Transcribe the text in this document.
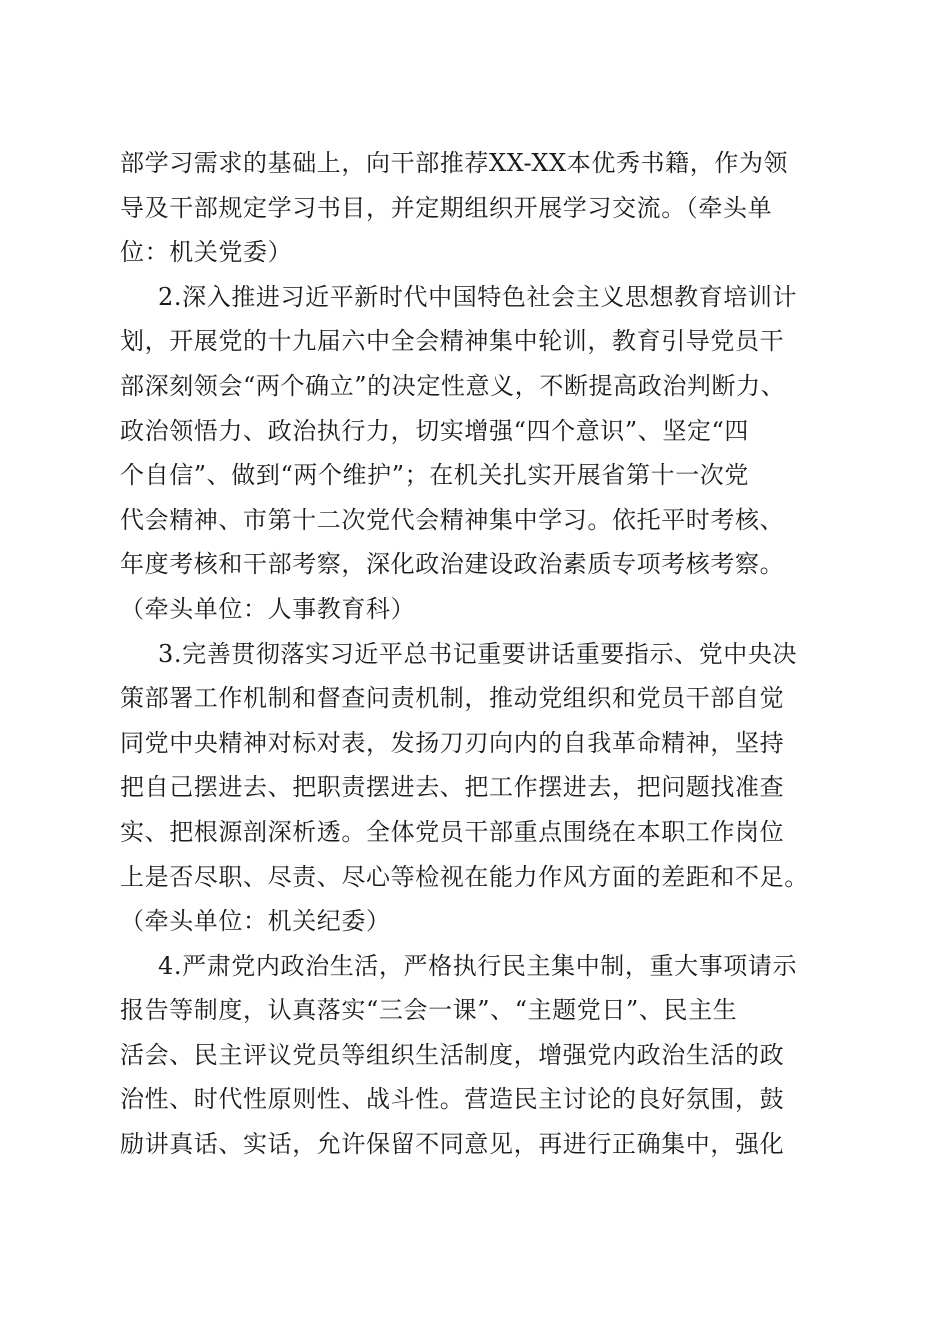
部学习需求的基础上，向干部推荐XX-XX本优秀书籍，作为领
导及干部规定学习书目，并定期组织开展学习交流。（牵头单
位：机关党委）
2.深入推进习近平新时代中国特色社会主义思想教育培训计
划，开展党的十九届六中全会精神集中轮训，教育引导党员干
部深刻领会“两个确立”的决定性意义，不断提高政治判断力、
政治领悟力、政治执行力，切实增强“四个意识”、坚定“四
个自信”、做到“两个维护”；在机关扎实开展省第十一次党
代会精神、市第十二次党代会精神集中学习。依托平时考核、
年度考核和干部考察，深化政治建设政治素质专项考核考察。
（牵头单位：人事教育科）
3.完善贯彻落实习近平总书记重要讲话重要指示、党中央决
策部署工作机制和督查问责机制，推动党组织和党员干部自觉
同党中央精神对标对表，发扬刀刃向内的自我革命精神，坚持
把自己摆进去、把职责摆进去、把工作摆进去，把问题找准查
实、把根源剖深析透。全体党员干部重点围绕在本职工作岗位
上是否尽职、尽责、尽心等检视在能力作风方面的差距和不足。
（牵头单位：机关纪委）
4.严肃党内政治生活，严格执行民主集中制，重大事项请示
报告等制度，认真落实“三会一课”、“主题党日”、民主生
活会、民主评议党员等组织生活制度，增强党内政治生活的政
治性、时代性原则性、战斗性。营造民主讨论的良好氛围，鼓
励讲真话、实话，允许保留不同意见，再进行正确集中，强化
